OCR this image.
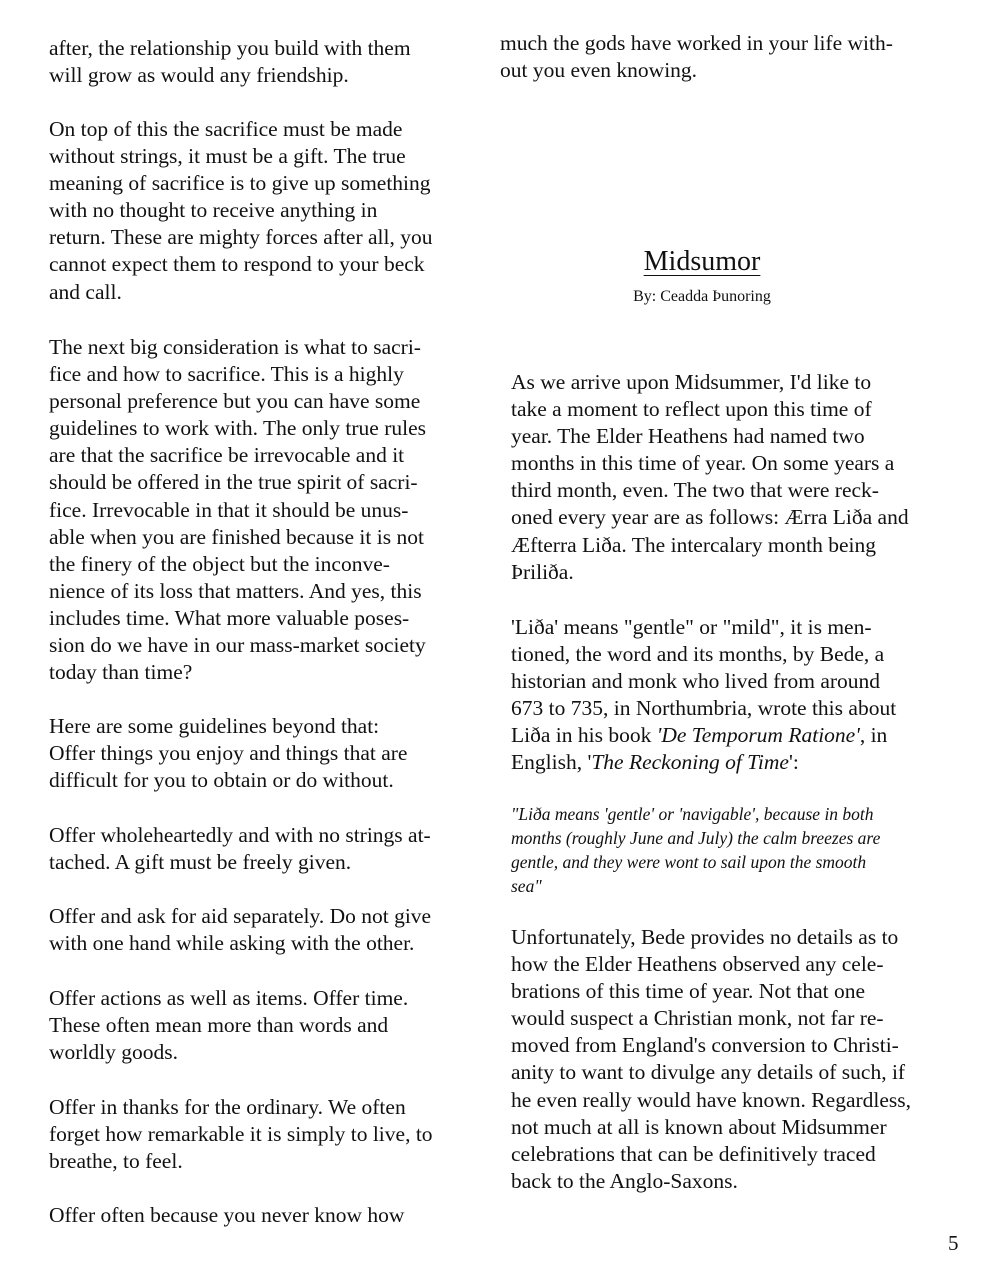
after, the relationship you build with them
will grow as would any friendship.

On top of this the sacrifice must be made
without strings, it must be a gift. The true
meaning of sacrifice is to give up something
with no thought to receive anything in
return. These are mighty forces after all, you
cannot expect them to respond to your beck
and call.

The next big consideration is what to sacri-
fice and how to sacrifice. This is a highly
personal preference but you can have some
guidelines to work with. The only true rules
are that the sacrifice be irrevocable and it
should be offered in the true spirit of sacri-
fice. Irrevocable in that it should be unus-
able when you are finished because it is not
the finery of the object but the inconve-
nience of its loss that matters. And yes, this
includes time. What more valuable poses-
sion do we have in our mass-market society
today than time?

Here are some guidelines beyond that:
Offer things you enjoy and things that are
difficult for you to obtain or do without.

Offer wholeheartedly and with no strings at-
tached. A gift must be freely given.

Offer and ask for aid separately. Do not give
with one hand while asking with the other.

Offer actions as well as items. Offer time.
These often mean more than words and
worldly goods.

Offer in thanks for the ordinary. We often
forget how remarkable it is simply to live, to
breathe, to feel.

Offer often because you never know how

much the gods have worked in your life with-
out you even knowing.

Midsumor

By: Ceadda Þunoring

As we arrive upon Midsummer, I'd like to
take a moment to reflect upon this time of
year. The Elder Heathens had named two
months in this time of year. On some years a
third month, even. The two that were reck-
oned every year are as follows: Ærra Liða and
Æfterra Liða. The intercalary month being
Þriliða.

'Liða' means "gentle" or "mild", it is men-
tioned, the word and its months, by Bede, a
historian and monk who lived from around
673 to 735, in Northumbria, wrote this about
Liða in his book 'De Temporum Ratione', in
English, 'The Reckoning of Time':

"Liða means 'gentle' or 'navigable', because in both
months (roughly June and July) the calm breezes are
gentle, and they were wont to sail upon the smooth
sea"

Unfortunately, Bede provides no details as to
how the Elder Heathens observed any cele-
brations of this time of year. Not that one
would suspect a Christian monk, not far re-
moved from England's conversion to Christi-
anity to want to divulge any details of such, if
he even really would have known. Regardless,
not much at all is known about Midsummer
celebrations that can be definitively traced
back to the Anglo-Saxons.

5
